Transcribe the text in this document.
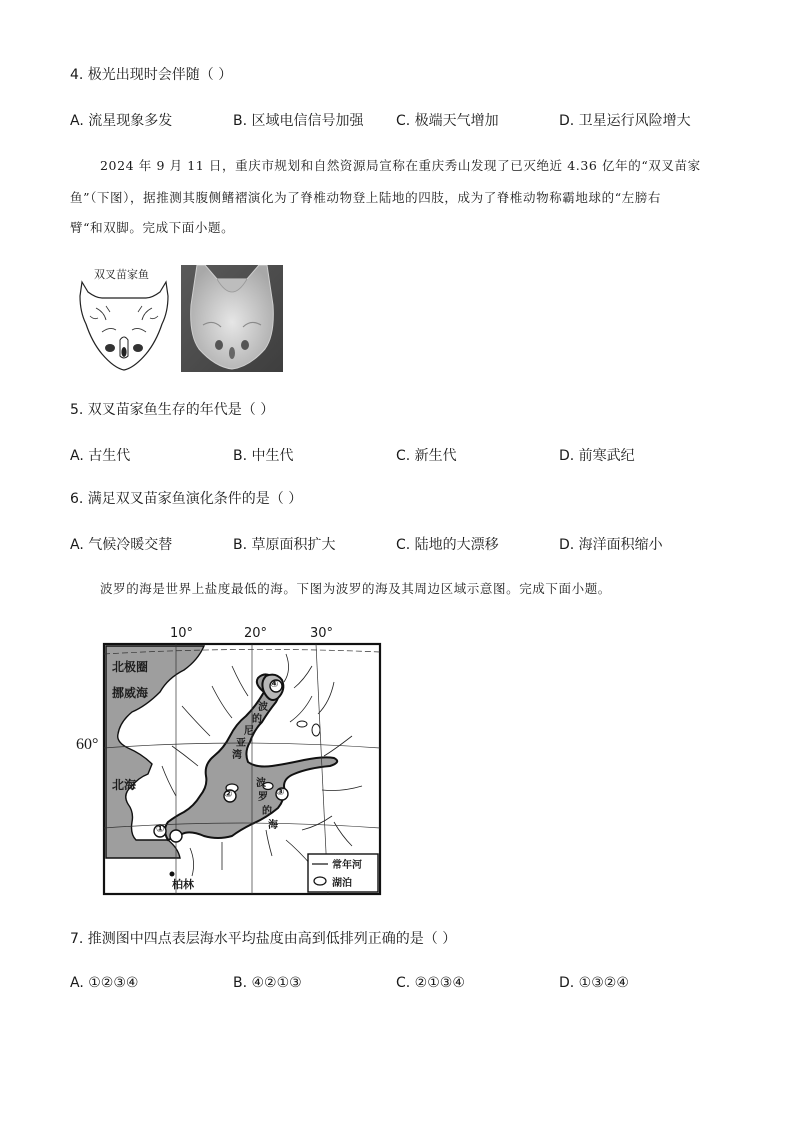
4. 极光出现时会伴随（ ）
A. 流星现象多发	B. 区域电信信号加强 C. 极端天气增加	D. 卫星运行风险增大
2024 年 9 月 11 日，重庆市规划和自然资源局宣称在重庆秀山发现了已灭绝近 4.36 亿年的“双叉苗家
鱼”（下图），据推测其腹侧鳍褶演化为了脊椎动物登上陆地的四肢，成为了脊椎动物称霸地球的“左膀右
臂“和双脚。完成下面小题。
双叉苗家鱼
5. 双叉苗家鱼生存的年代是（ ）
A. 古生代	B. 中生代	C. 新生代	D. 前寒武纪
6. 满足双叉苗家鱼演化条件的是（ ）
A. 气候冷暖交替	B. 草原面积扩大	C. 陆地的大漂移	D. 海洋面积缩小
波罗的海是世界上盐度最低的海。下图为波罗的海及其周边区域示意图。完成下面小题。
10°	20°	30°
60°
北极圈
挪威海
北海
波
的
尼
亚
湾
波
罗
的
海
柏林
①
②	③
④
常年河
湖泊
7. 推测图中四点表层海水平均盐度由高到低排列正确的是（ ）
A. ①②③④	B. ④②①③	C. ②①③④	D. ①③②④
